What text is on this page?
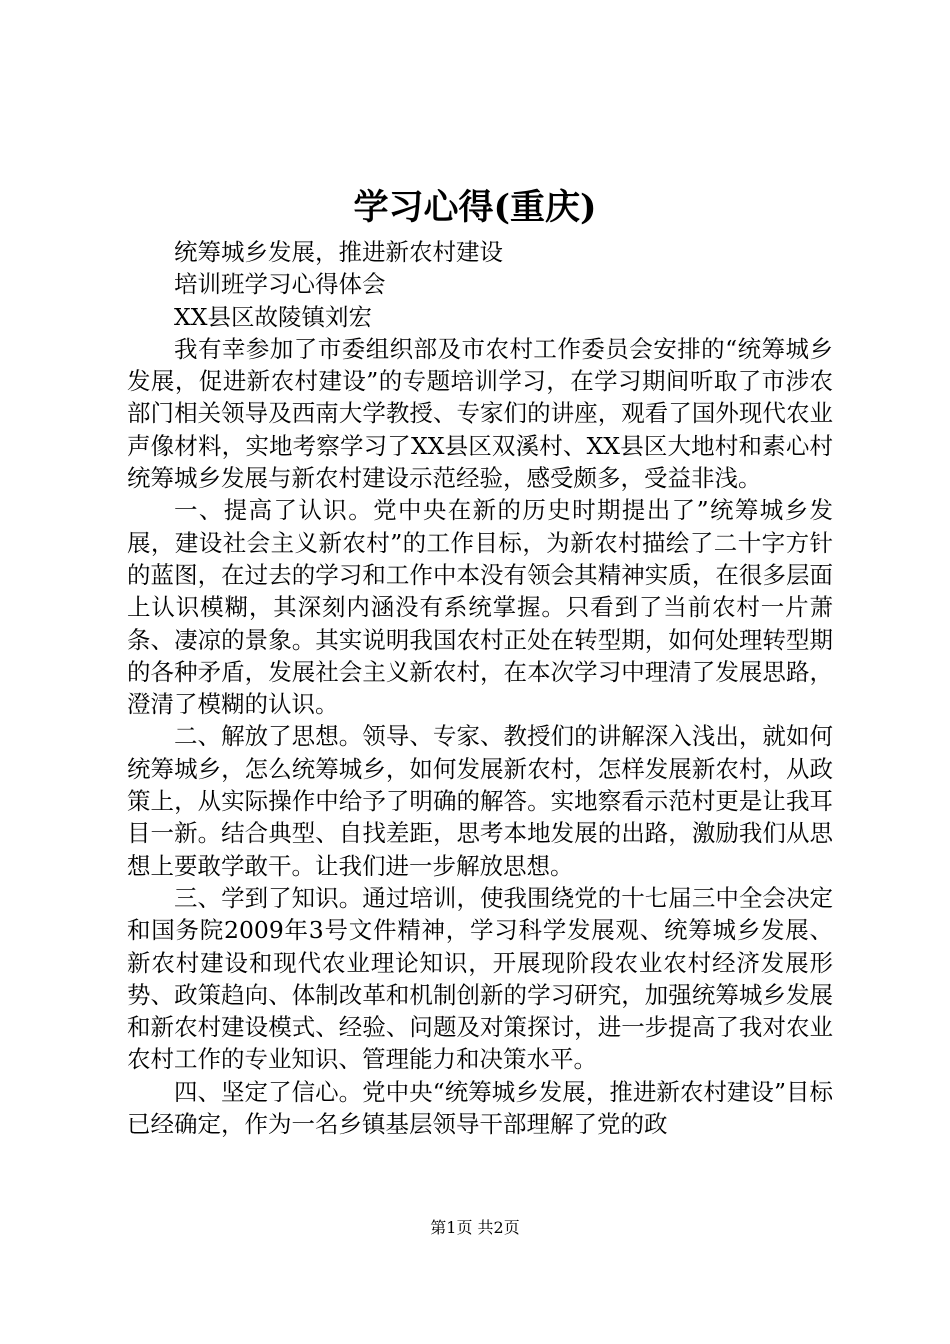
学习心得(重庆)

统筹城乡发展，推进新农村建设

培训班学习心得体会

XX县区故陵镇刘宏

我有幸参加了市委组织部及市农村工作委员会安排的“统筹城乡发展，促进新农村建设”的专题培训学习，在学习期间听取了市涉农部门相关领导及西南大学教授、专家们的讲座，观看了国外现代农业声像材料，实地考察学习了XX县区双溪村、XX县区大地村和素心村统筹城乡发展与新农村建设示范经验，感受颇多，受益非浅。

一、提高了认识。党中央在新的历史时期提出了”统筹城乡发展，建设社会主义新农村”的工作目标，为新农村描绘了二十字方针的蓝图，在过去的学习和工作中本没有领会其精神实质，在很多层面上认识模糊，其深刻内涵没有系统掌握。只看到了当前农村一片萧条、凄凉的景象。其实说明我国农村正处在转型期，如何处理转型期的各种矛盾，发展社会主义新农村，在本次学习中理清了发展思路，澄清了模糊的认识。

二、解放了思想。领导、专家、教授们的讲解深入浅出，就如何统筹城乡，怎么统筹城乡，如何发展新农村，怎样发展新农村，从政策上，从实际操作中给予了明确的解答。实地察看示范村更是让我耳目一新。结合典型、自找差距，思考本地发展的出路，激励我们从思想上要敢学敢干。让我们进一步解放思想。

三、学到了知识。通过培训，使我围绕党的十七届三中全会决定和国务院2009年3号文件精神，学习科学发展观、统筹城乡发展、新农村建设和现代农业理论知识，开展现阶段农业农村经济发展形势、政策趋向、体制改革和机制创新的学习研究，加强统筹城乡发展和新农村建设模式、经验、问题及对策探讨，进一步提高了我对农业农村工作的专业知识、管理能力和决策水平。

四、坚定了信心。党中央“统筹城乡发展，推进新农村建设”目标已经确定，作为一名乡镇基层领导干部理解了党的政

第1页 共2页
